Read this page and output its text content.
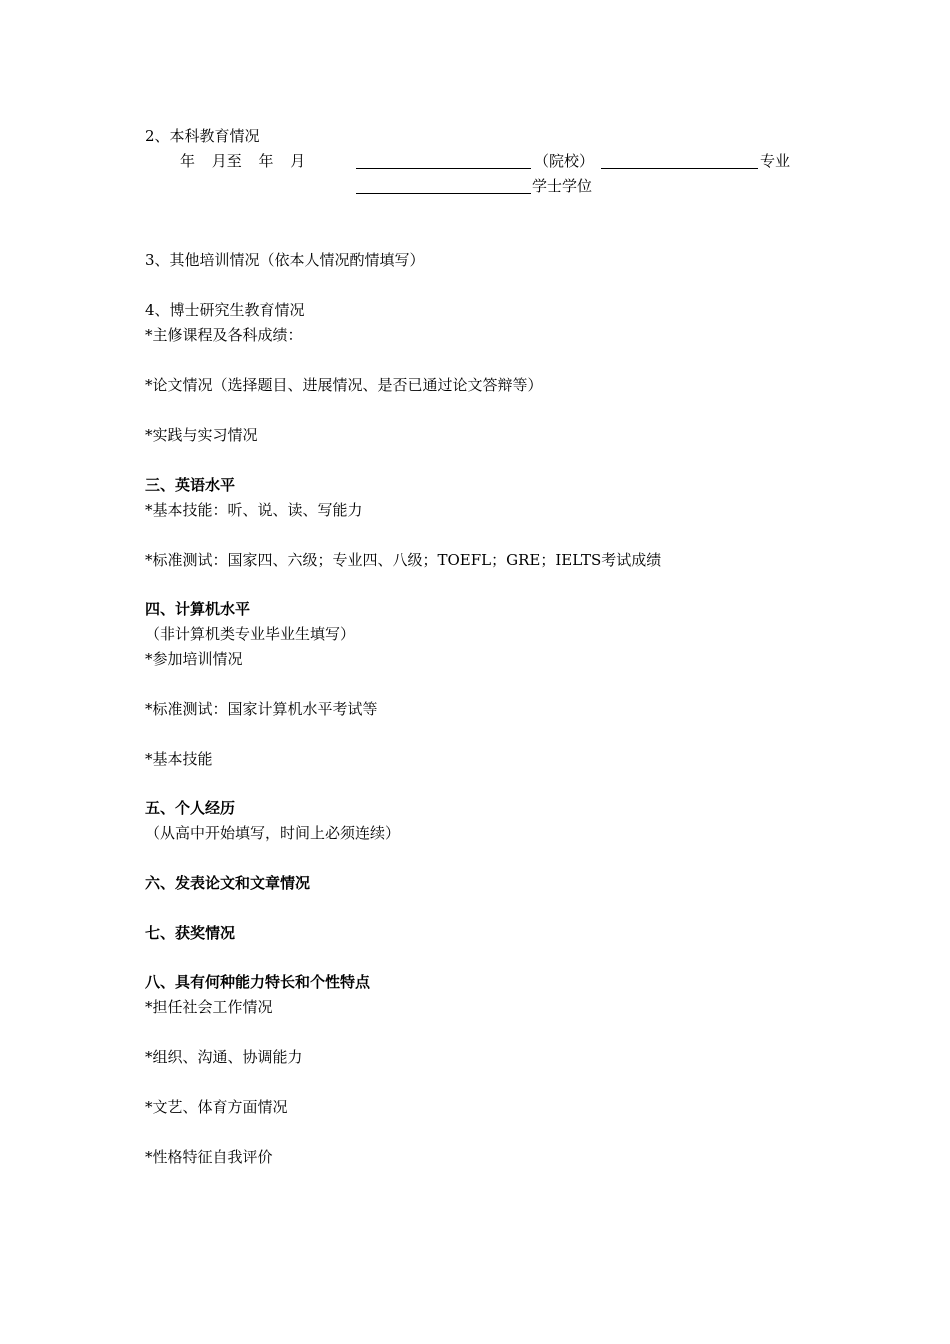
2、本科教育情况
年 月至 年 月	（院校）	专业
学士学位
3、其他培训情况（依本人情况酌情填写）
4、博士研究生教育情况
*主修课程及各科成绩：
*论文情况（选择题目、进展情况、是否已通过论文答辩等）
*实践与实习情况
三、英语水平
*基本技能：听、说、读、写能力
*标准测试：国家四、六级；专业四、八级；TOEFL；GRE；IELTS考试成绩
四、计算机水平
（非计算机类专业毕业生填写）
*参加培训情况
*标准测试：国家计算机水平考试等
*基本技能
五、个人经历
（从高中开始填写，时间上必须连续）
六、发表论文和文章情况
七、获奖情况
八、具有何种能力特长和个性特点
*担任社会工作情况
*组织、沟通、协调能力
*文艺、体育方面情况
*性格特征自我评价
